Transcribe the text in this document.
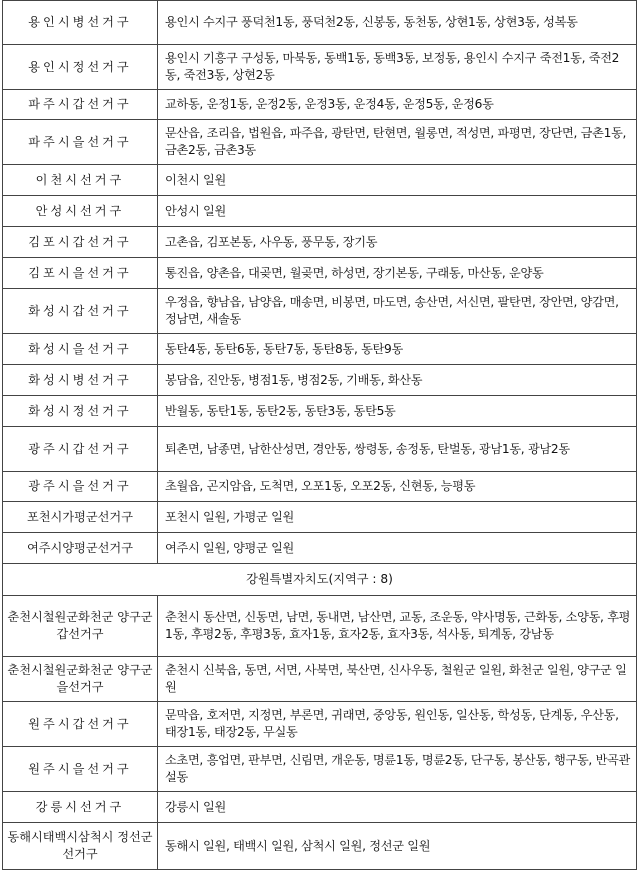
용인시병선거구	용인시 수지구 풍덕천1동, 풍덕천2동, 신봉동, 동천동, 상현1동, 상현3동, 성복동
용인시정선거구	용인시 기흥구 구성동, 마북동, 동백1동, 동백3동, 보정동, 용인시 수지구 죽전1동, 죽전2동, 죽전3동, 상현2동
파주시갑선거구	교하동, 운정1동, 운정2동, 운정3동, 운정4동, 운정5동, 운정6동
파주시을선거구	문산읍, 조리읍, 법원읍, 파주읍, 광탄면, 탄현면, 월롱면, 적성면, 파평면, 장단면, 금촌1동, 금촌2동, 금촌3동
이천시선거구	이천시 일원
안성시선거구	안성시 일원
김포시갑선거구	고촌읍, 김포본동, 사우동, 풍무동, 장기동
김포시을선거구	통진읍, 양촌읍, 대곶면, 월곶면, 하성면, 장기본동, 구래동, 마산동, 운양동
화성시갑선거구	우정읍, 향남읍, 남양읍, 매송면, 비봉면, 마도면, 송산면, 서신면, 팔탄면, 장안면, 양감면, 정남면, 새솔동
화성시을선거구	동탄4동, 동탄6동, 동탄7동, 동탄8동, 동탄9동
화성시병선거구	봉담읍, 진안동, 병점1동, 병점2동, 기배동, 화산동
화성시정선거구	반월동, 동탄1동, 동탄2동, 동탄3동, 동탄5동
광주시갑선거구	퇴촌면, 남종면, 남한산성면, 경안동, 쌍령동, 송정동, 탄벌동, 광남1동, 광남2동
광주시을선거구	초월읍, 곤지암읍, 도척면, 오포1동, 오포2동, 신현동, 능평동
포천시가평군선거구	포천시 일원, 가평군 일원
여주시양평군선거구	여주시 일원, 양평군 일원
강원특별자치도(지역구 : 8)	
춘천시철원군화천군 양구군갑선거구	춘천시 동산면, 신동면, 남면, 동내면, 남산면, 교동, 조운동, 약사명동, 근화동, 소양동, 후평1동, 후평2동, 후평3동, 효자1동, 효자2동, 효자3동, 석사동, 퇴계동, 강남동
춘천시철원군화천군 양구군을선거구	춘천시 신북읍, 동면, 서면, 사북면, 북산면, 신사우동, 철원군 일원, 화천군 일원, 양구군 일원
원주시갑선거구	문막읍, 호저면, 지정면, 부론면, 귀래면, 중앙동, 원인동, 일산동, 학성동, 단계동, 우산동, 태장1동, 태장2동, 무실동
원주시을선거구	소초면, 흥업면, 판부면, 신림면, 개운동, 명륜1동, 명륜2동, 단구동, 봉산동, 행구동, 반곡관설동
강릉시선거구	강릉시 일원
동해시태백시삼척시 정선군선거구	동해시 일원, 태백시 일원, 삼척시 일원, 정선군 일원
